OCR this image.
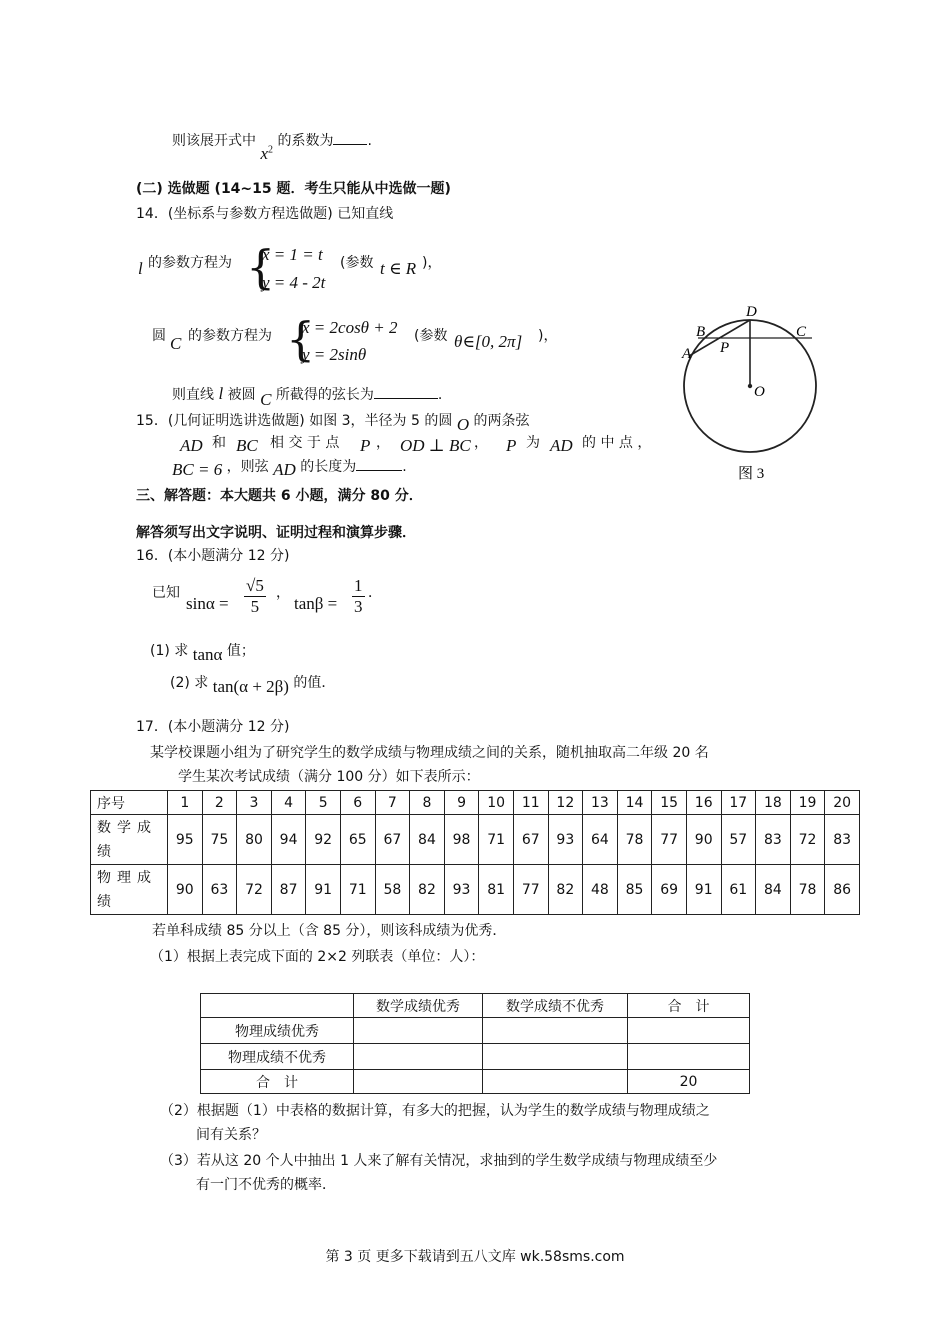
则该展开式中 $x^2$ 的系数为 .
(二) 选做题 (14~15 题．考生只能从中选做一题)
14．(坐标系与参数方程选做题) 已知直线
l 的参数方程为 {
x = 1 = t
y = 4 - 2t
(参数 t ∈ R )，
圆 C 的参数方程为 {
x = 2cosθ + 2
y = 2sinθ
(参数 θ∈[0, 2π] )，
则直线 l 被圆 C 所截得的弦长为	.
15．(几何证明选讲选做题) 如图 3，半径为 5 的圆 O 的两条弦
AD 和 BC 相 交 于 点 P ， OD ⊥ BC ， P 为 AD 的 中 点 ，
BC = 6 ，则弦 AD 的长度为	.
A
B	C
D
P
O
图 3
三、解答题：本大题共 6 小题，满分 80 分．
解答须写出文字说明、证明过程和演算步骤．
16．(本小题满分 12 分)
已知
$\sin\alpha = \frac{√5}{5}$ ，
$\tan\beta = \frac{1}{3}$ ．
(1) 求 tanα 值；
(2) 求 tan(α + 2β) 的值．
17．(本小题满分 12 分)
某学校课题小组为了研究学生的数学成绩与物理成绩之间的关系，随机抽取高二年级 20 名
学生某次考试成绩（满分 100 分）如下表所示：
序号	1	2	3	4	5	6	7	8	9	10	11	12	13	14	15	16	17	18	19	20
数学成绩	95	75	80	94	92	65	67	84	98	71	67	93	64	78	77	90	57	83	72	83
物理成绩	90	63	72	87	91	71	58	82	93	81	77	82	48	85	69	91	61	84	78	86
若单科成绩 85 分以上（含 85 分），则该科成绩为优秀．
（1）根据上表完成下面的 2×2 列联表（单位：人）：
	数学成绩优秀	数学成绩不优秀	合　计
物理成绩优秀			
物理成绩不优秀			
合　计			20
（2）根据题（1）中表格的数据计算，有多大的把握，认为学生的数学成绩与物理成绩之
间有关系？
（3）若从这 20 个人中抽出 1 人来了解有关情况，求抽到的学生数学成绩与物理成绩至少
有一门不优秀的概率．
第 3 页 更多下载请到五八文库 wk.58sms.com
